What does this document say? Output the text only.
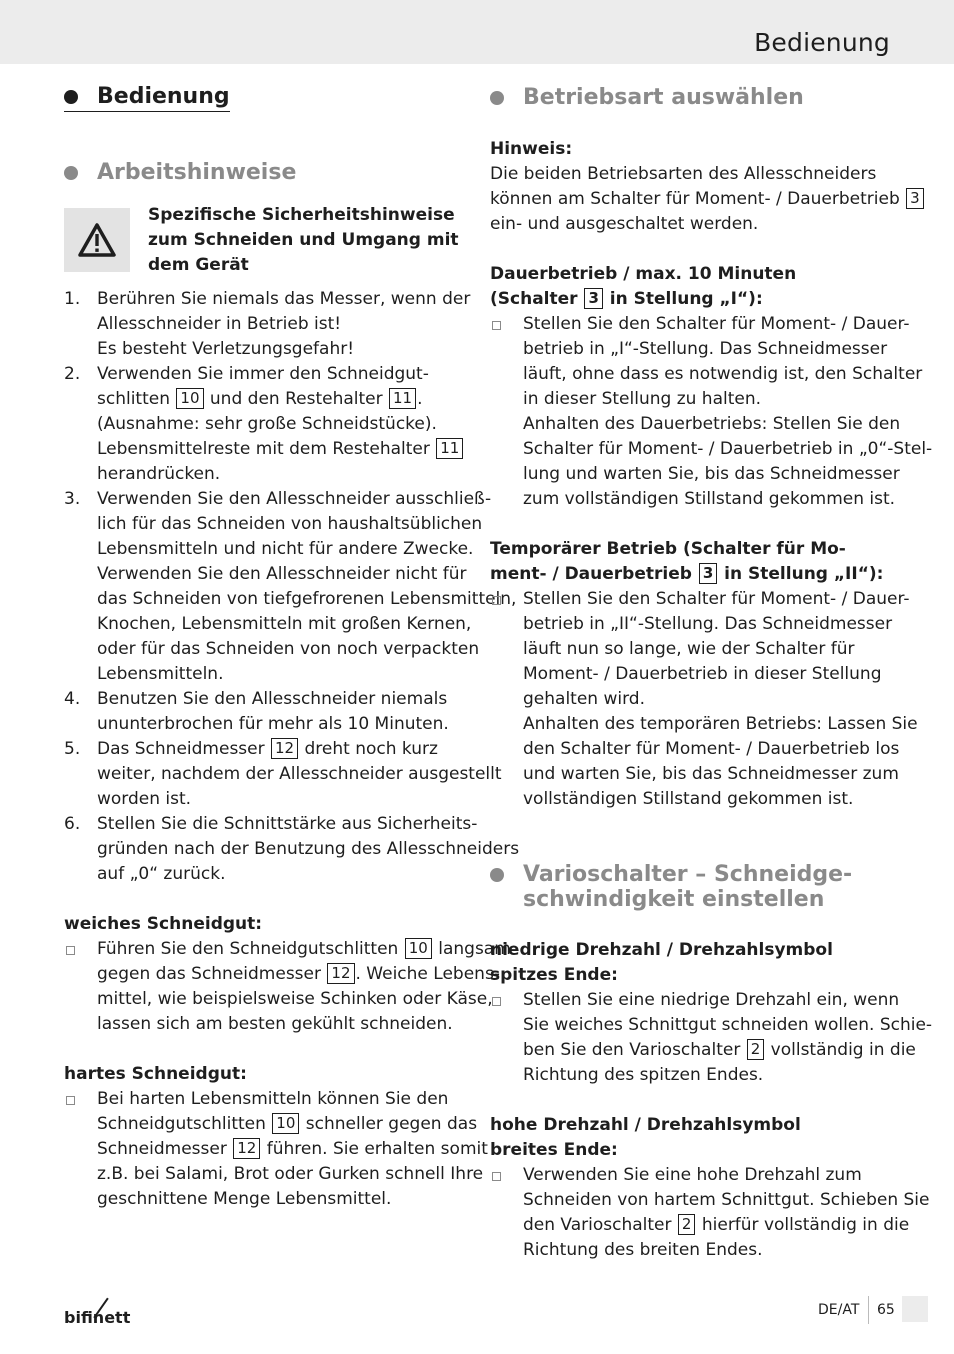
Bedienung
Bedienung
Arbeitshinweise
Spezifische Sicherheitshinweise
zum Schneiden und Umgang mit
dem Gerät
1. Berühren Sie niemals das Messer, wenn der
Allesschneider in Betrieb ist!
Es besteht Verletzungsgefahr!
2. Verwenden Sie immer den Schneidgut-
schlitten 10 und den Restehalter 11 .
(Ausnahme: sehr große Schneidstücke).
Lebensmittelreste mit dem Restehalter 11
herandrücken.
3. Verwenden Sie den Allesschneider ausschließ-
lich für das Schneiden von haushaltsüblichen
Lebensmitteln und nicht für andere Zwecke.
Verwenden Sie den Allesschneider nicht für
das Schneiden von tiefgefrorenen Lebensmitteln,
Knochen, Lebensmitteln mit großen Kernen,
oder für das Schneiden von noch verpackten
Lebensmitteln.
4. Benutzen Sie den Allesschneider niemals
ununterbrochen für mehr als 10 Minuten.
5. Das Schneidmesser 12 dreht noch kurz
weiter, nachdem der Allesschneider ausgestellt
worden ist.
6. Stellen Sie die Schnittstärke aus Sicherheits-
gründen nach der Benutzung des Allesschneiders
auf „0“ zurück.
weiches Schneidgut:
Führen Sie den Schneidgutschlitten 10 langsam
gegen das Schneidmesser 12 . Weiche Lebens-
mittel, wie beispielsweise Schinken oder Käse,
lassen sich am besten gekühlt schneiden.
hartes Schneidgut:
Bei harten Lebensmitteln können Sie den
Schneidgutschlitten 10 schneller gegen das
Schneidmesser 12 führen. Sie erhalten somit
z.B. bei Salami, Brot oder Gurken schnell Ihre
geschnittene Menge Lebensmittel.
Betriebsart auswählen
Hinweis:
Die beiden Betriebsarten des Allesschneiders
können am Schalter für Moment- / Dauerbetrieb 3
ein- und ausgeschaltet werden.
Dauerbetrieb / max. 10 Minuten
(Schalter 3 in Stellung „I“):
Stellen Sie den Schalter für Moment- / Dauer-
betrieb in „I“-Stellung. Das Schneidmesser
läuft, ohne dass es notwendig ist, den Schalter
in dieser Stellung zu halten.
Anhalten des Dauerbetriebs: Stellen Sie den
Schalter für Moment- / Dauerbetrieb in „0“-Stel-
lung und warten Sie, bis das Schneidmesser
zum vollständigen Stillstand gekommen ist.
Temporärer Betrieb (Schalter für Mo-
ment- / Dauerbetrieb 3 in Stellung „II“):
Stellen Sie den Schalter für Moment- / Dauer-
betrieb in „II“-Stellung. Das Schneidmesser
läuft nun so lange, wie der Schalter für
Moment- / Dauerbetrieb in dieser Stellung
gehalten wird.
Anhalten des temporären Betriebs: Lassen Sie
den Schalter für Moment- / Dauerbetrieb los
und warten Sie, bis das Schneidmesser zum
vollständigen Stillstand gekommen ist.
Varioschalter – Schneidge-
schwindigkeit einstellen
niedrige Drehzahl / Drehzahlsymbol
spitzes Ende:
Stellen Sie eine niedrige Drehzahl ein, wenn
Sie weiches Schnittgut schneiden wollen. Schie-
ben Sie den Varioschalter 2 vollständig in die
Richtung des spitzen Endes.
hohe Drehzahl / Drehzahlsymbol
breites Ende:
Verwenden Sie eine hohe Drehzahl zum
Schneiden von hartem Schnittgut. Schieben Sie
den Varioschalter 2 hierfür vollständig in die
Richtung des breiten Endes.
bifinett	DE/AT 65
